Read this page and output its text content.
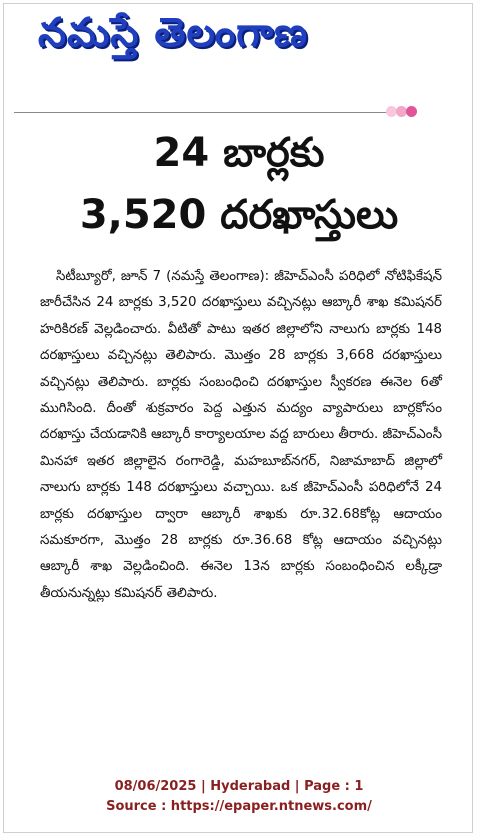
నమస్తే తెలంగాణ
24 బార్లకు
3,520 దరఖాస్తులు

సిటీబ్యూరో, జూన్ 7 (నమస్తే తెలంగాణ): జీహెచ్ఎంసీ పరిధిలో నోటిఫికేషన్ జారీచేసిన 24 బార్లకు 3,520 దరఖాస్తులు వచ్చినట్లు ఆబ్కారీ శాఖ కమిషనర్ హరికిరణ్ వెల్లడించారు. వీటితో పాటు ఇతర జిల్లాలోని నాలుగు బార్లకు 148 దరఖాస్తులు వచ్చినట్లు తెలిపారు. మొత్తం 28 బార్లకు 3,668 దరఖాస్తులు వచ్చినట్లు తెలిపారు. బార్లకు సంబంధించి దరఖాస్తుల స్వీకరణ ఈనెల 6తో ముగిసింది. దీంతో శుక్రవారం పెద్ద ఎత్తున మద్యం వ్యాపారులు బార్లకోసం దరఖాస్తు చేయడానికి ఆబ్కారీ కార్యాలయాల వద్ద బారులు తీరారు. జీహెచ్ఎంసీ మినహా ఇతర జిల్లాలైన రంగారెడ్డి, మహబూబ్‌నగర్, నిజామాబాద్ జిల్లాలో నాలుగు బార్లకు 148 దరఖాస్తులు వచ్చాయి. ఒక జీహెచ్ఎంసీ పరిధిలోనే 24 బార్లకు దరఖాస్తుల ద్వారా ఆబ్కారీ శాఖకు రూ.32.68కోట్ల ఆదాయం సమకూరగా, మొత్తం 28 బార్లకు రూ.36.68 కోట్ల ఆదాయం వచ్చినట్లు ఆబ్కారీ శాఖ వెల్లడించింది. ఈనెల 13న బార్లకు సంబంధించిన లక్కీడ్రా తీయనున్నట్లు కమిషనర్ తెలిపారు.

08/06/2025 | Hyderabad | Page : 1
Source : https://epaper.ntnews.com/
